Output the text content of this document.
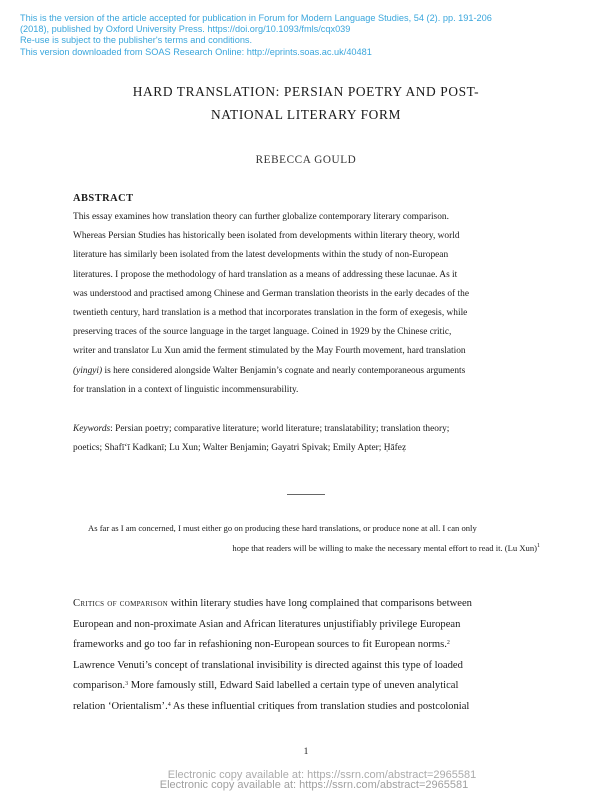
This is the version of the article accepted for publication in Forum for Modern Language Studies, 54 (2). pp. 191-206
(2018), published by Oxford University Press. https://doi.org/10.1093/fmls/cqx039
Re-use is subject to the publisher's terms and conditions.
This version downloaded from SOAS Research Online: http://eprints.soas.ac.uk/40481
HARD TRANSLATION: PERSIAN POETRY AND POST-
NATIONAL LITERARY FORM
REBECCA GOULD
ABSTRACT
This essay examines how translation theory can further globalize contemporary literary comparison.
Whereas Persian Studies has historically been isolated from developments within literary theory, world
literature has similarly been isolated from the latest developments within the study of non-European
literatures. I propose the methodology of hard translation as a means of addressing these lacunae. As it
was understood and practised among Chinese and German translation theorists in the early decades of the
twentieth century, hard translation is a method that incorporates translation in the form of exegesis, while
preserving traces of the source language in the target language. Coined in 1929 by the Chinese critic,
writer and translator Lu Xun amid the ferment stimulated by the May Fourth movement, hard translation
(yingyi) is here considered alongside Walter Benjamin’s cognate and nearly contemporaneous arguments
for translation in a context of linguistic incommensurability.
Keywords: Persian poetry; comparative literature; world literature; translatability; translation theory;
poetics; Shafī‘ī Kadkanī; Lu Xun; Walter Benjamin; Gayatri Spivak; Emily Apter; Ḥāfeẓ
As far as I am concerned, I must either go on producing these hard translations, or produce none at all. I can only
hope that readers will be willing to make the necessary mental effort to read it. (Lu Xun)$^1$
Critics of comparison within literary studies have long complained that comparisons between
European and non-proximate Asian and African literatures unjustifiably privilege European
frameworks and go too far in refashioning non-European sources to fit European norms.$^2$
Lawrence Venuti’s concept of translational invisibility is directed against this type of loaded
comparison.$^3$ More famously still, Edward Said labelled a certain type of uneven analytical
relation ‘Orientalism’.$^4$ As these influential critiques from translation studies and postcolonial
1
Electronic copy available at: https://ssrn.com/abstract=2965581
Electronic copy available at: https://ssrn.com/abstract=2965581
